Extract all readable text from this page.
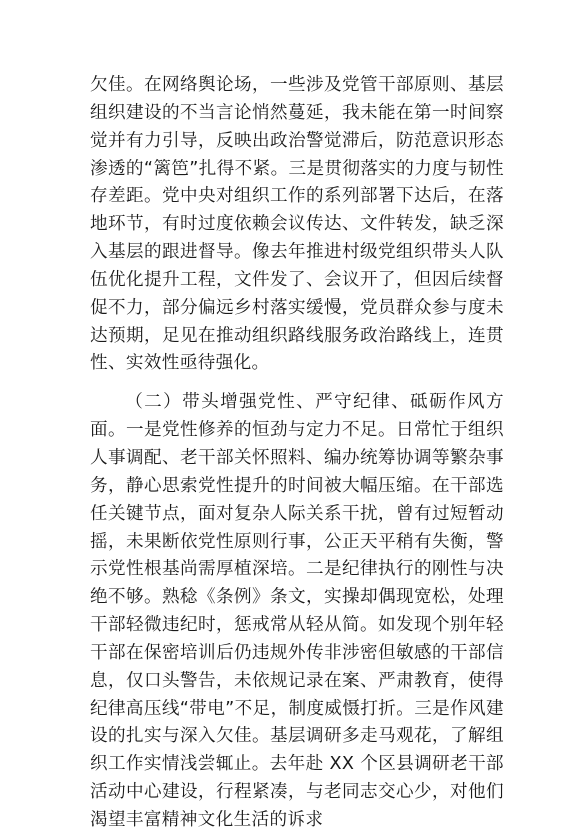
欠佳。在网络舆论场，一些涉及党管干部原则、基层组织建设的不当言论悄然蔓延，我未能在第一时间察觉并有力引导，反映出政治警觉滞后，防范意识形态渗透的“篱笆”扎得不紧。三是贯彻落实的力度与韧性存差距。党中央对组织工作的系列部署下达后，在落地环节，有时过度依赖会议传达、文件转发，缺乏深入基层的跟进督导。像去年推进村级党组织带头人队伍优化提升工程，文件发了、会议开了，但因后续督促不力，部分偏远乡村落实缓慢，党员群众参与度未达预期，足见在推动组织路线服务政治路线上，连贯性、实效性亟待强化。

（二）带头增强党性、严守纪律、砥砺作风方面。一是党性修养的恒劲与定力不足。日常忙于组织人事调配、老干部关怀照料、编办统筹协调等繁杂事务，静心思索党性提升的时间被大幅压缩。在干部选任关键节点，面对复杂人际关系干扰，曾有过短暂动摇，未果断依党性原则行事，公正天平稍有失衡，警示党性根基尚需厚植深培。二是纪律执行的刚性与决绝不够。熟稔《条例》条文，实操却偶现宽松，处理干部轻微违纪时，惩戒常从轻从简。如发现个别年轻干部在保密培训后仍违规外传非涉密但敏感的干部信息，仅口头警告，未依规记录在案、严肃教育，使得纪律高压线“带电”不足，制度威慑打折。三是作风建设的扎实与深入欠佳。基层调研多走马观花，了解组织工作实情浅尝辄止。去年赴 XX 个区县调研老干部活动中心建设，行程紧凑，与老同志交心少，对他们渴望丰富精神文化生活的诉求
